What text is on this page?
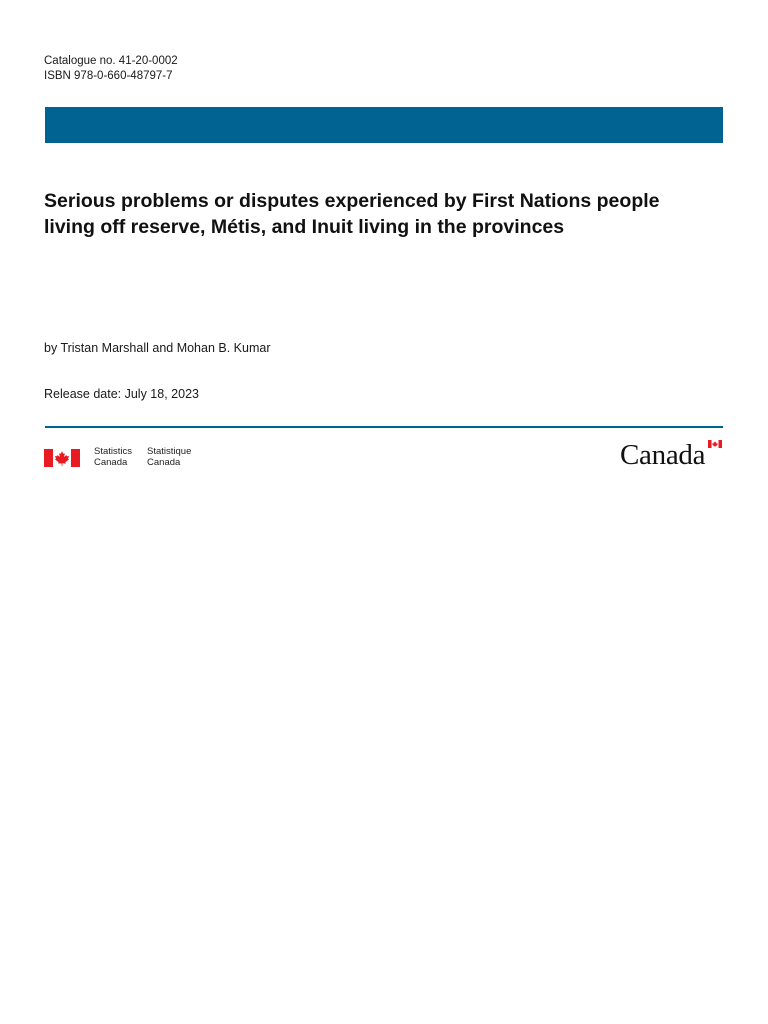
Catalogue no. 41-20-0002
ISBN 978-0-660-48797-7
Serious problems or disputes experienced by First Nations people
living off reserve, Métis, and Inuit living in the provinces
by Tristan Marshall and Mohan B. Kumar
Release date: July 18, 2023
Statistics
Canada
Statistique
Canada	Canada
